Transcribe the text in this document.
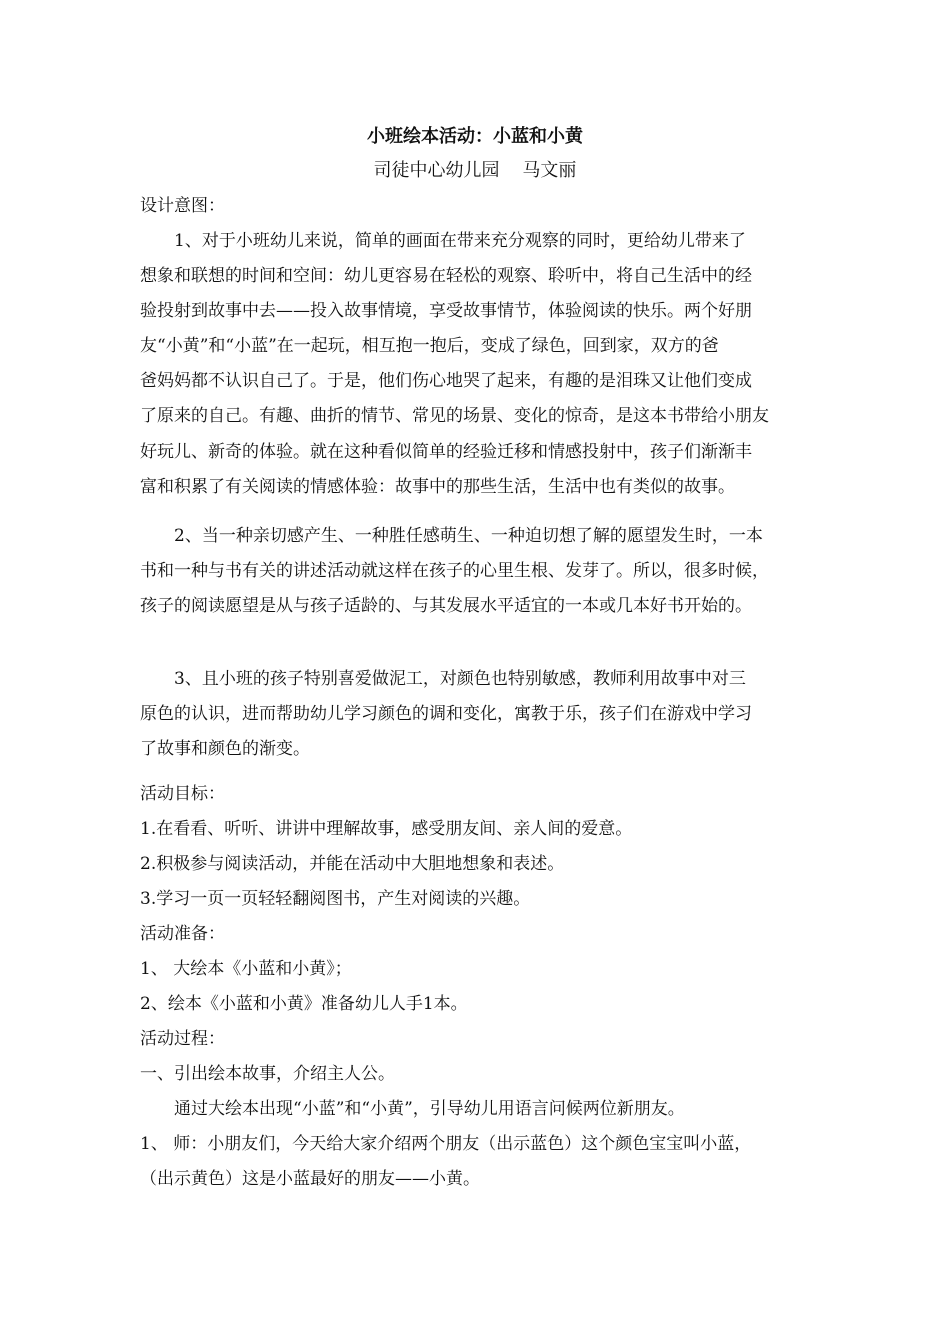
小班绘本活动：小蓝和小黄
司徒中心幼儿园    马文丽
设计意图：
1、对于小班幼儿来说，简单的画面在带来充分观察的同时，更给幼儿带来了
想象和联想的时间和空间：幼儿更容易在轻松的观察、聆听中，将自己生活中的经
验投射到故事中去——投入故事情境，享受故事情节，体验阅读的快乐。两个好朋
友“小黄”和“小蓝”在一起玩，相互抱一抱后，变成了绿色，回到家，双方的爸
爸妈妈都不认识自己了。于是，他们伤心地哭了起来，有趣的是泪珠又让他们变成
了原来的自己。有趣、曲折的情节、常见的场景、变化的惊奇，是这本书带给小朋友
好玩儿、新奇的体验。就在这种看似简单的经验迁移和情感投射中，孩子们渐渐丰
富和积累了有关阅读的情感体验：故事中的那些生活，生活中也有类似的故事。
2、当一种亲切感产生、一种胜任感萌生、一种迫切想了解的愿望发生时，一本
书和一种与书有关的讲述活动就这样在孩子的心里生根、发芽了。所以，很多时候，
孩子的阅读愿望是从与孩子适龄的、与其发展水平适宜的一本或几本好书开始的。
3、且小班的孩子特别喜爱做泥工，对颜色也特别敏感，教师利用故事中对三
原色的认识，进而帮助幼儿学习颜色的调和变化，寓教于乐，孩子们在游戏中学习
了故事和颜色的渐变。
活动目标：
1.在看看、听听、讲讲中理解故事，感受朋友间、亲人间的爱意。
2.积极参与阅读活动，并能在活动中大胆地想象和表述。
3.学习一页一页轻轻翻阅图书，产生对阅读的兴趣。
活动准备：
1、 大绘本《小蓝和小黄》；
2、绘本《小蓝和小黄》准备幼儿人手1本。
活动过程：
一、引出绘本故事，介绍主人公。
通过大绘本出现“小蓝”和“小黄”，引导幼儿用语言问候两位新朋友。
1、 师：小朋友们，今天给大家介绍两个朋友（出示蓝色）这个颜色宝宝叫小蓝，
（出示黄色）这是小蓝最好的朋友——小黄。
